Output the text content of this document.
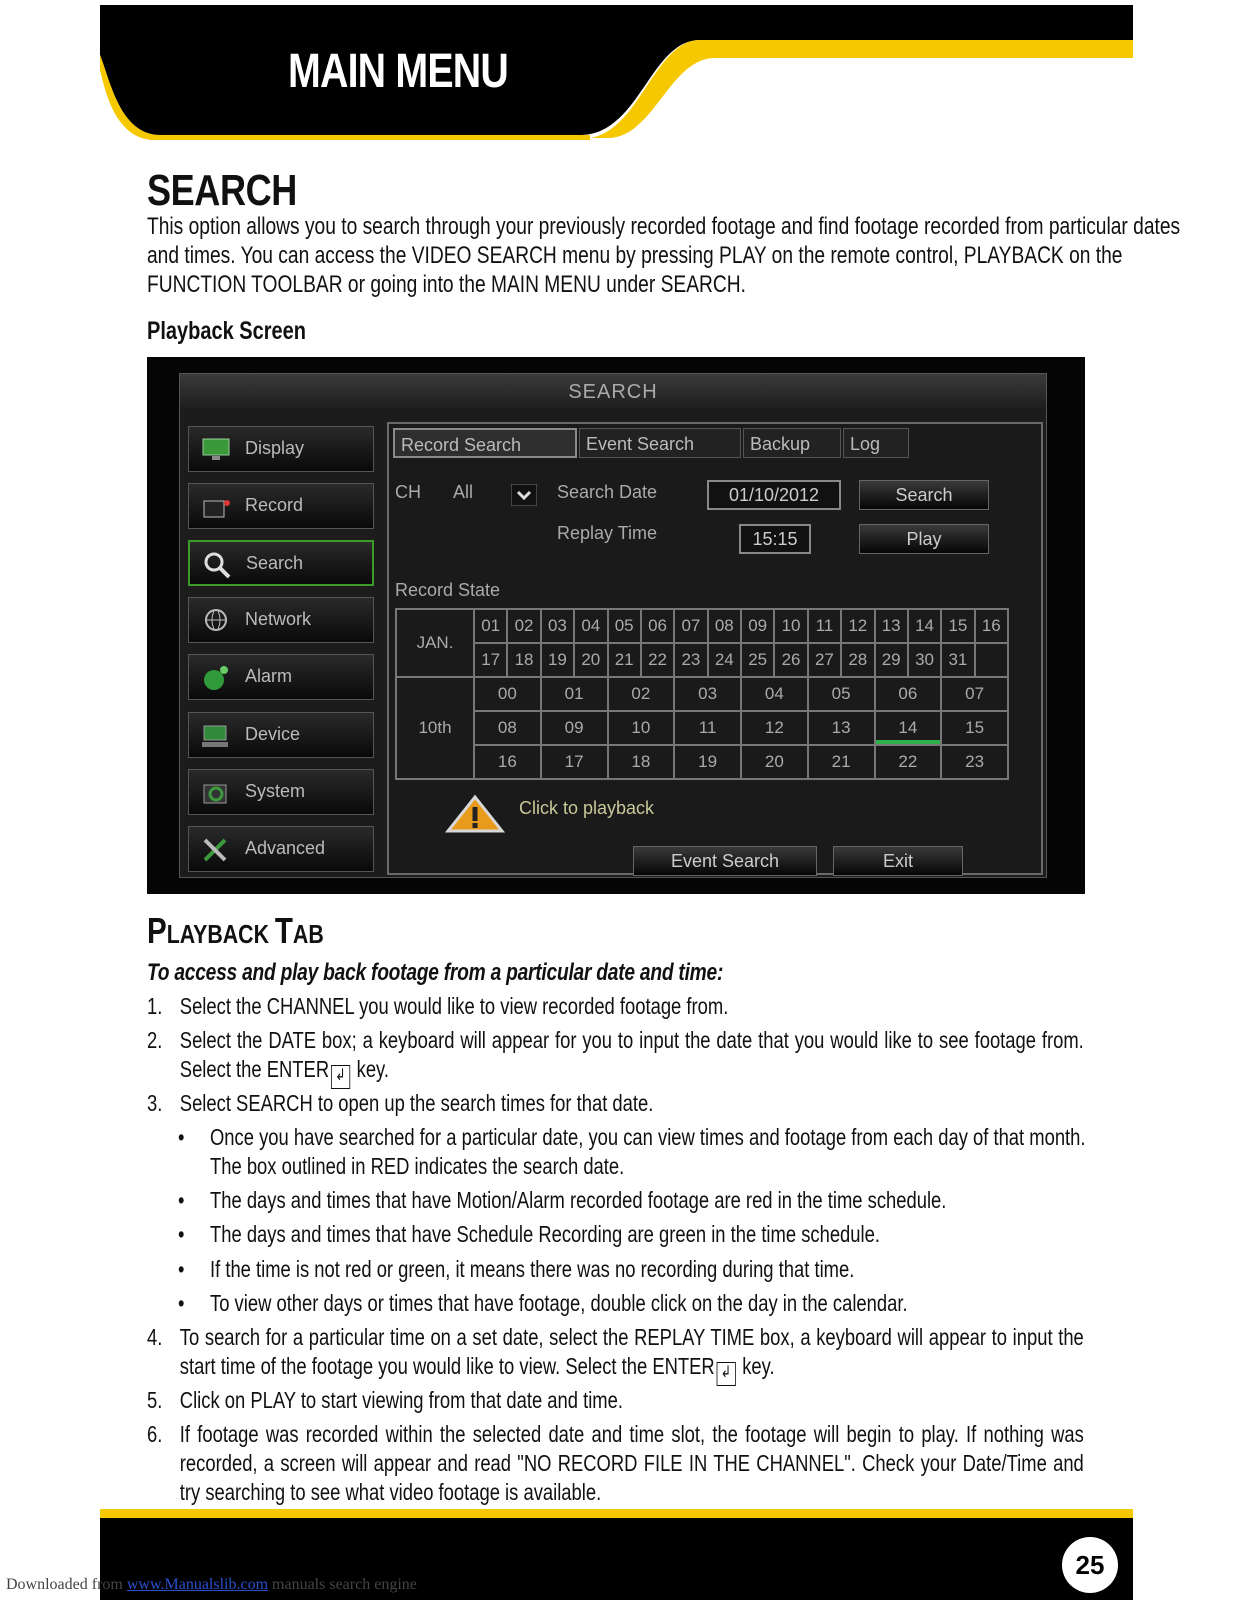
MAIN MENU
SEARCH
This option allows you to search through your previously recorded footage and find footage recorded from particular dates and times. You can access the VIDEO SEARCH menu by pressing PLAY on the remote control, PLAYBACK on the FUNCTION TOOLBAR or going into the MAIN MENU under SEARCH.
Playback Screen
SEARCH
Display
Record
Search
Network
Alarm
Device
System
Advanced
Record Search	Event Search	Backup	Log
CH All	Search Date	01/10/2012	Search
Replay Time	15:15	Play
Record State
JAN.	01	02	03	04	05	06	07	08	09	10	11	12	13	14	15	16
	17	18	19	20	21	22	23	24	25	26	27	28	29	30	31	
10th	00	01	02	03	04	05	06	07
	08	09	10	11	12	13	14	15
	16	17	18	19	20	21	22	23
Click to playback
Event Search	Exit
PLAYBACK TAB
To access and play back footage from a particular date and time:
1. Select the CHANNEL you would like to view recorded footage from.
2. Select the DATE box; a keyboard will appear for you to input the date that you would like to see footage from. Select the ENTER ↲ key.
3. Select SEARCH to open up the search times for that date.
• Once you have searched for a particular date, you can view times and footage from each day of that month. The box outlined in RED indicates the search date.
• The days and times that have Motion/Alarm recorded footage are red in the time schedule.
• The days and times that have Schedule Recording are green in the time schedule.
• If the time is not red or green, it means there was no recording during that time.
• To view other days or times that have footage, double click on the day in the calendar.
4. To search for a particular time on a set date, select the REPLAY TIME box, a keyboard will appear to input the start time of the footage you would like to view. Select the ENTER ↲ key.
5. Click on PLAY to start viewing from that date and time.
6. If footage was recorded within the selected date and time slot, the footage will begin to play. If nothing was recorded, a screen will appear and read "NO RECORD FILE IN THE CHANNEL". Check your Date/Time and try searching to see what video footage is available.
25
Downloaded from www.Manualslib.com manuals search engine
